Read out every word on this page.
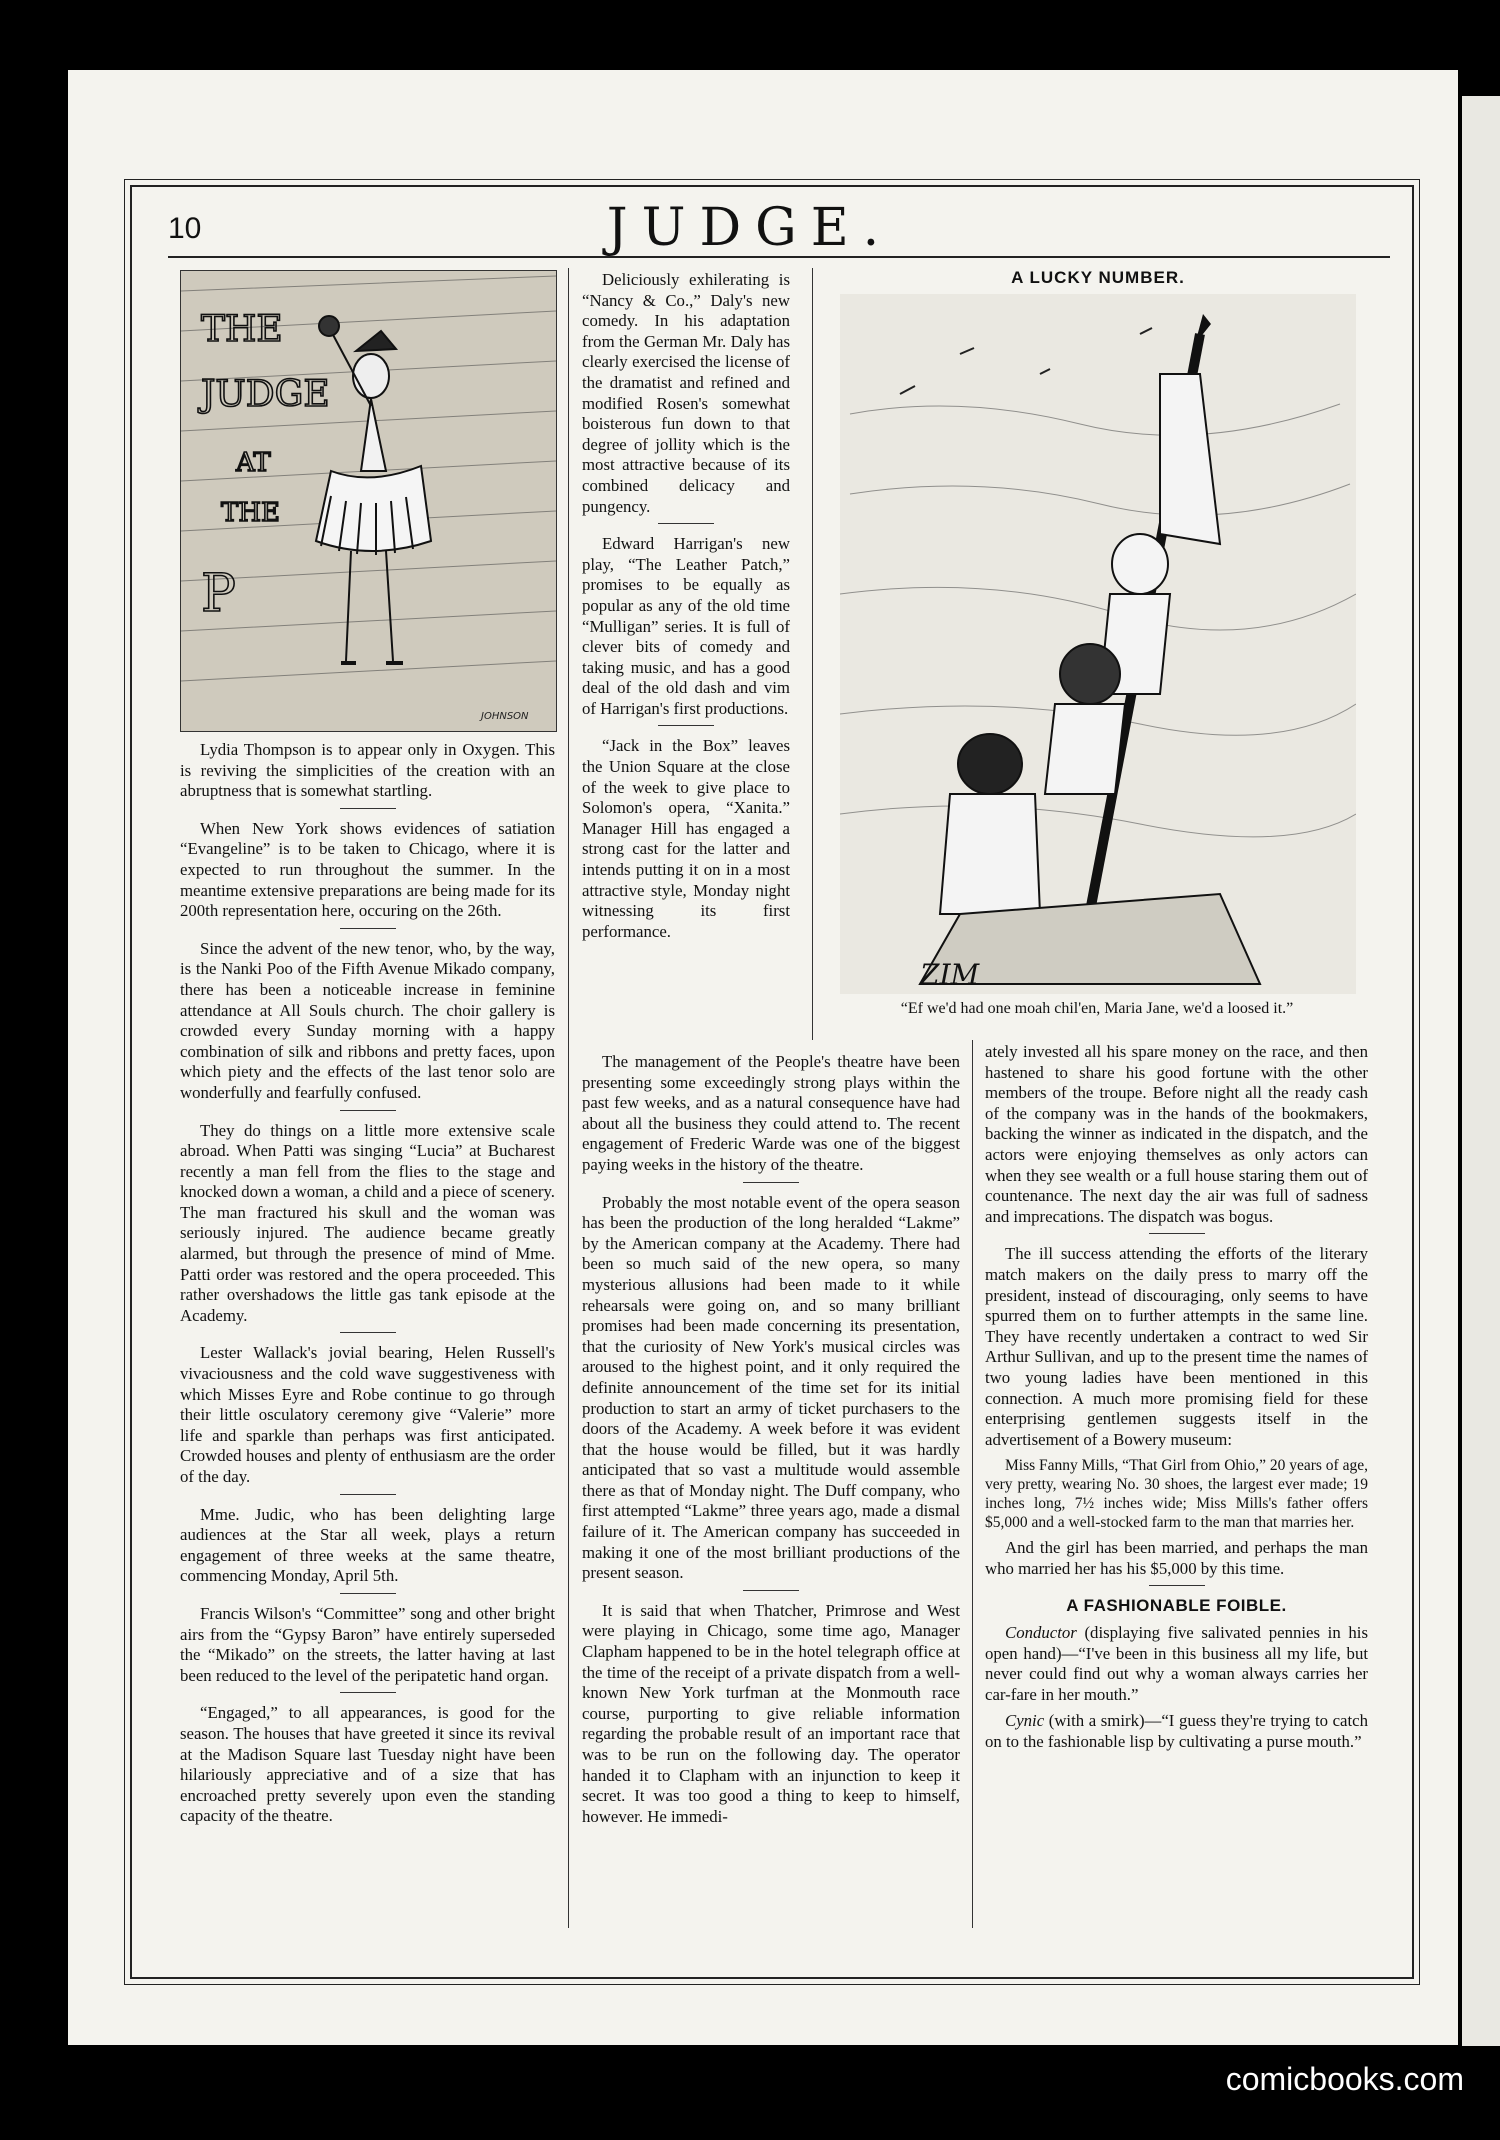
10	JUDGE.
THE
JUDGE
AT
THE
P
JOHNSON
A LUCKY NUMBER.
ZIM
“Ef we'd had one moah chil'en, Maria Jane, we'd a loosed it.”

Lydia Thompson is to appear only in Oxygen. This is reviving the simplicities of the creation with an abruptness that is somewhat startling.

When New York shows evidences of satiation “Evangeline” is to be taken to Chicago, where it is expected to run throughout the summer. In the meantime extensive preparations are being made for its 200th representation here, occuring on the 26th.

Since the advent of the new tenor, who, by the way, is the Nanki Poo of the Fifth Avenue Mikado company, there has been a noticeable increase in feminine attendance at All Souls church. The choir gallery is crowded every Sunday morning with a happy combination of silk and ribbons and pretty faces, upon which piety and the effects of the last tenor solo are wonderfully and fearfully confused.

They do things on a little more extensive scale abroad. When Patti was singing “Lucia” at Bucharest recently a man fell from the flies to the stage and knocked down a woman, a child and a piece of scenery. The man fractured his skull and the woman was seriously injured. The audience became greatly alarmed, but through the presence of mind of Mme. Patti order was restored and the opera proceeded. This rather overshadows the little gas tank episode at the Academy.

Lester Wallack's jovial bearing, Helen Russell's vivaciousness and the cold wave suggestiveness with which Misses Eyre and Robe continue to go through their little osculatory ceremony give “Valerie” more life and sparkle than perhaps was first anticipated. Crowded houses and plenty of enthusiasm are the order of the day.

Mme. Judic, who has been delighting large audiences at the Star all week, plays a return engagement of three weeks at the same theatre, commencing Monday, April 5th.

Francis Wilson's “Committee” song and other bright airs from the “Gypsy Baron” have entirely superseded the “Mikado” on the streets, the latter having at last been reduced to the level of the peripatetic hand organ.

“Engaged,” to all appearances, is good for the season. The houses that have greeted it since its revival at the Madison Square last Tuesday night have been hilariously appreciative and of a size that has encroached pretty severely upon even the standing capacity of the theatre.

Deliciously exhilerating is “Nancy & Co.,” Daly's new comedy. In his adaptation from the German Mr. Daly has clearly exercised the license of the dramatist and refined and modified Rosen's somewhat boisterous fun down to that degree of jollity which is the most attractive because of its combined delicacy and pungency.

Edward Harrigan's new play, “The Leather Patch,” promises to be equally as popular as any of the old time “Mulligan” series. It is full of clever bits of comedy and taking music, and has a good deal of the old dash and vim of Harrigan's first productions.

“Jack in the Box” leaves the Union Square at the close of the week to give place to Solomon's opera, “Xanita.” Manager Hill has engaged a strong cast for the latter and intends putting it on in a most attractive style, Monday night witnessing its first performance.

The management of the People's theatre have been presenting some exceedingly strong plays within the past few weeks, and as a natural consequence have had about all the business they could attend to. The recent engagement of Frederic Warde was one of the biggest paying weeks in the history of the theatre.

Probably the most notable event of the opera season has been the production of the long heralded “Lakme” by the American company at the Academy. There had been so much said of the new opera, so many mysterious allusions had been made to it while rehearsals were going on, and so many brilliant promises had been made concerning its presentation, that the curiosity of New York's musical circles was aroused to the highest point, and it only required the definite announcement of the time set for its initial production to start an army of ticket purchasers to the doors of the Academy. A week before it was evident that the house would be filled, but it was hardly anticipated that so vast a multitude would assemble there as that of Monday night. The Duff company, who first attempted “Lakme” three years ago, made a dismal failure of it. The American company has succeeded in making it one of the most brilliant productions of the present season.

It is said that when Thatcher, Primrose and West were playing in Chicago, some time ago, Manager Clapham happened to be in the hotel telegraph office at the time of the receipt of a private dispatch from a well-known New York turfman at the Monmouth race course, purporting to give reliable information regarding the probable result of an important race that was to be run on the following day. The operator handed it to Clapham with an injunction to keep it secret. It was too good a thing to keep to himself, however. He immedi-

ately invested all his spare money on the race, and then hastened to share his good fortune with the other members of the troupe. Before night all the ready cash of the company was in the hands of the bookmakers, backing the winner as indicated in the dispatch, and the actors were enjoying themselves as only actors can when they see wealth or a full house staring them out of countenance. The next day the air was full of sadness and imprecations. The dispatch was bogus.

The ill success attending the efforts of the literary match makers on the daily press to marry off the president, instead of discouraging, only seems to have spurred them on to further attempts in the same line. They have recently undertaken a contract to wed Sir Arthur Sullivan, and up to the present time the names of two young ladies have been mentioned in this connection. A much more promising field for these enterprising gentlemen suggests itself in the advertisement of a Bowery museum:

Miss Fanny Mills, “That Girl from Ohio,” 20 years of age, very pretty, wearing No. 30 shoes, the largest ever made; 19 inches long, 7½ inches wide; Miss Mills's father offers $5,000 and a well-stocked farm to the man that marries her.

And the girl has been married, and perhaps the man who married her has his $5,000 by this time.

A FASHIONABLE FOIBLE.

Conductor (displaying five salivated pennies in his open hand)—“I've been in this business all my life, but never could find out why a woman always carries her car-fare in her mouth.”

Cynic (with a smirk)—“I guess they're trying to catch on to the fashionable lisp by cultivating a purse mouth.”

comicbooks.com
